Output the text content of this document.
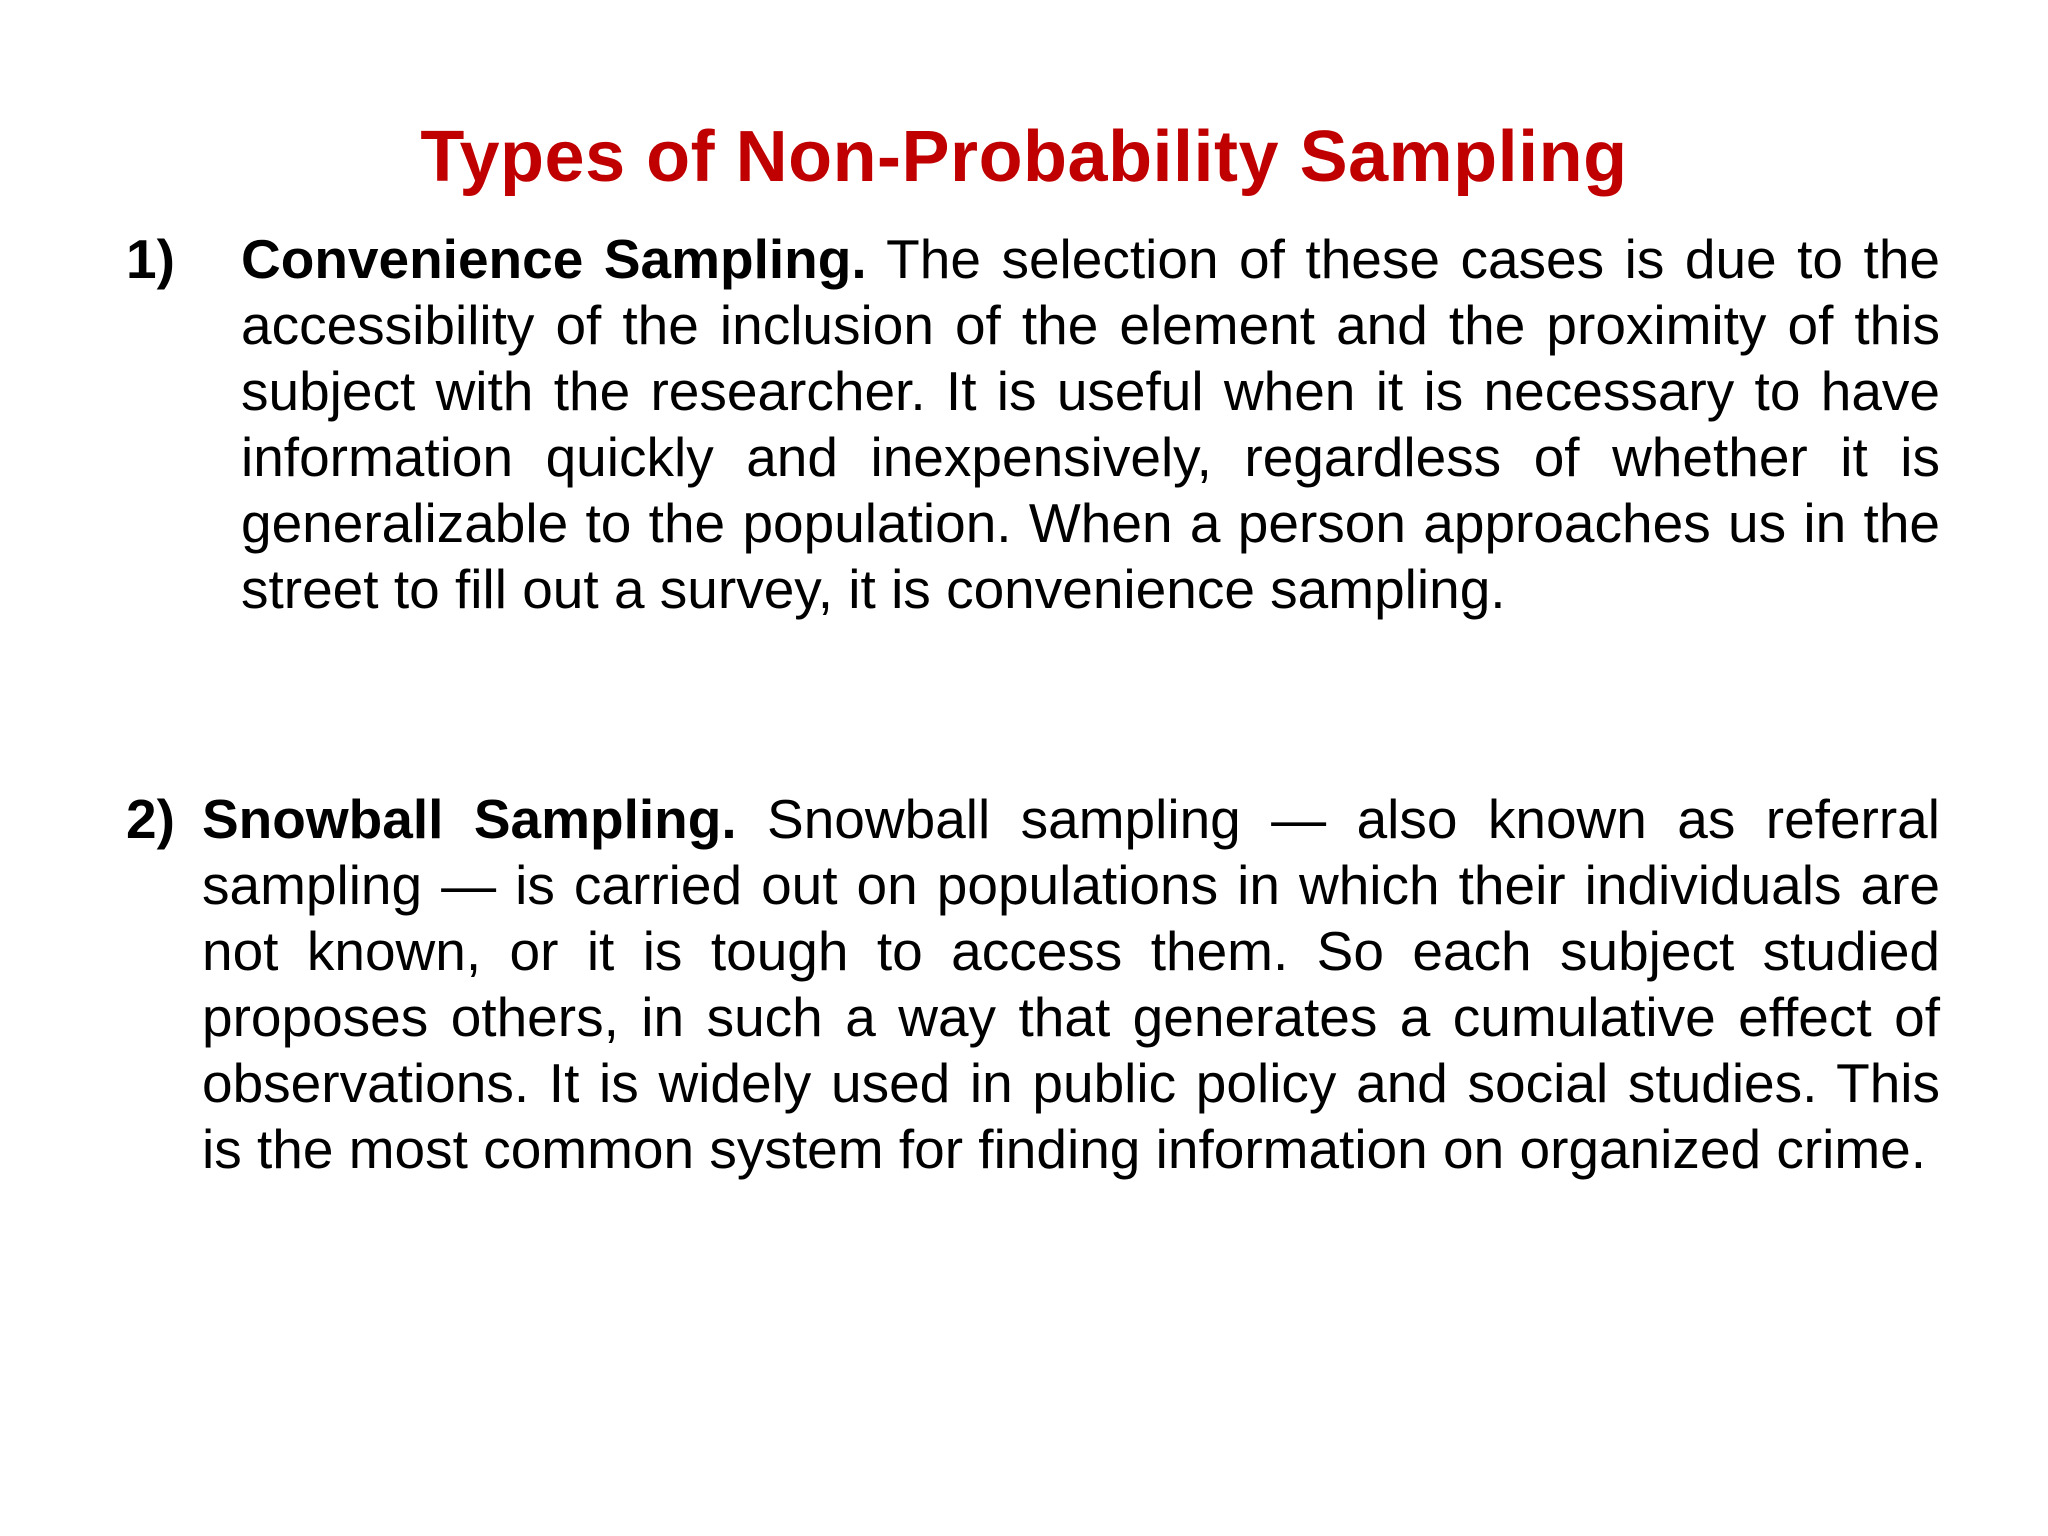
Types of Non-Probability Sampling
1) Convenience Sampling. The selection of these cases is due to the accessibility of the inclusion of the element and the proximity of this subject with the researcher. It is useful when it is necessary to have information quickly and inexpensively, regardless of whether it is generalizable to the population. When a person approaches us in the street to fill out a survey, it is convenience sampling.
2) Snowball Sampling. Snowball sampling — also known as referral sampling — is carried out on populations in which their individuals are not known, or it is tough to access them. So each subject studied proposes others, in such a way that generates a cumulative effect of observations. It is widely used in public policy and social studies. This is the most common system for finding information on organized crime.
